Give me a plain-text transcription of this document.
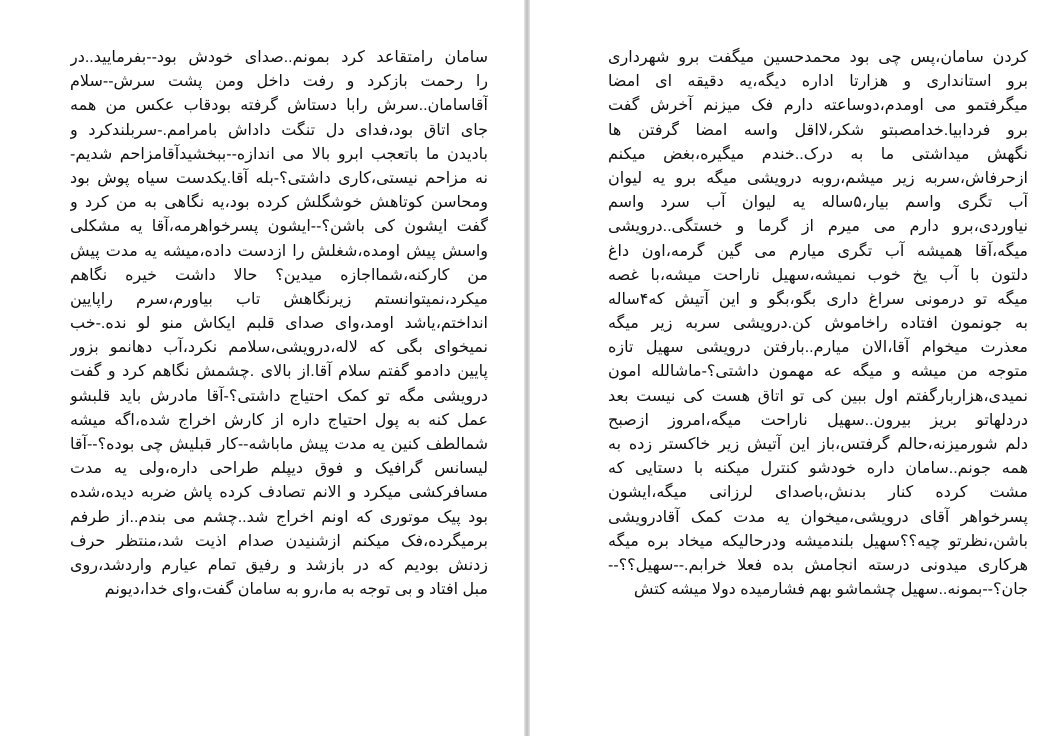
سامان رامتقاعد کرد بمونم..صدای خودش بود--بفرمایید..در
را رحمت بازکرد و رفت داخل ومن پشت سرش--سلام
آقاسامان..سرش رابا دستاش گرفته بودقاب عکس من همه
جای اتاق بود،فدای دل تنگت داداش بامرامم.-سربلندکرد و
بادیدن ما باتعجب ابرو بالا می اندازه--ببخشیدآقامزاحم شدیم-
نه مزاحم نیستی،کاری داشتی؟-بله آقا.یکدست سیاه پوش بود
ومحاسن کوتاهش خوشگلش کرده بود،یه نگاهی به من کرد و
گفت ایشون کی باشن؟--ایشون پسرخواهرمه،آقا یه مشکلی
واسش پیش اومده،شغلش را ازدست داده،میشه یه مدت پیش
من کارکنه،شمااجازه میدین؟ حالا داشت خیره نگاهم
میکرد،نمیتوانستم زیرنگاهش تاب بیاورم،سرم راپایین
انداختم،یاشد اومد،وای صدای قلبم ایکاش منو لو نده.-خب
نمیخوای بگی که لاله،درویشی،سلامم نکرد،آب دهانمو بزور
پایین دادمو گفتم سلام آقا.از بالای .چشمش نگاهم کرد و گفت
درویشی مگه تو کمک احتیاج داشتی؟-آقا مادرش باید قلبشو
عمل کنه به پول احتیاج داره از کارش اخراج شده،اگه میشه
شمالطف کنین یه مدت پیش ماباشه--کار قبلیش چی بوده؟--آقا
لیسانس گرافیک و فوق دیپلم طراحی داره،ولی یه مدت
مسافرکشی میکرد و الانم تصادف کرده پاش ضربه دیده،شده
بود پیک موتوری که اونم اخراج شد..چشم می بندم..از طرفم
برمیگرده،فک میکنم ازشنیدن صدام اذیت شد،منتظر حرف
زدنش بودیم که در بازشد و رفیق تمام عیارم واردشد،روی
مبل افتاد و بی توجه به ما،رو به سامان گفت،وای خدا،دیونم
کردن سامان،پس چی بود محمدحسین میگفت برو شهرداری
برو استانداری و هزارتا اداره دیگه،یه دقیقه ای امضا
میگرفتمو می اومدم،دوساعته دارم فک میزنم آخرش گفت
برو فردابیا.خدامصبتو شکر،لااقل واسه امضا گرفتن ها
نگهش میداشتی ما به درک..خندم میگیره،بغض میکنم
ازحرفاش،سربه زیر میشم،روبه درویشی میگه برو یه لیوان
آب تگری واسم بیار،۵ساله یه لیوان آب سرد واسم
نیاوردی،برو دارم می میرم از گرما و خستگی..درویشی
میگه،آقا همیشه آب تگری میارم می گین گرمه،اون داغ
دلتون با آب یخ خوب نمیشه،سهیل ناراحت میشه،با غصه
میگه تو درمونی سراغ داری بگو،بگو و این آتیش که۴ساله
به جونمون افتاده راخاموش کن.درویشی سربه زیر میگه
معذرت میخوام آقا،الان میارم..بارفتن درویشی سهیل تازه
متوجه من میشه و میگه عه مهمون داشتی؟-ماشالله امون
نمیدی،هزاربارگفتم اول ببین کی تو اتاق هست کی نیست بعد
دردلهاتو بریز بیرون..سهیل ناراحت میگه،امروز ازصبح
دلم شورمیزنه،حالم گرفتس،باز این آتیش زیر خاکستر زده به
همه جونم..سامان داره خودشو کنترل میکنه با دستایی که
مشت کرده کنار بدنش،باصدای لرزانی میگه،ایشون
پسرخواهر آقای درویشی،میخوان یه مدت کمک آقادرویشی
باشن،نظرتو چیه؟؟سهیل بلندمیشه ودرحالیکه میخاد بره میگه
هرکاری میدونی درسته انجامش بده فعلا خرابم.--سهیل؟؟--
جان؟--بمونه..سهیل چشماشو بهم فشارمیده دولا میشه کتش
